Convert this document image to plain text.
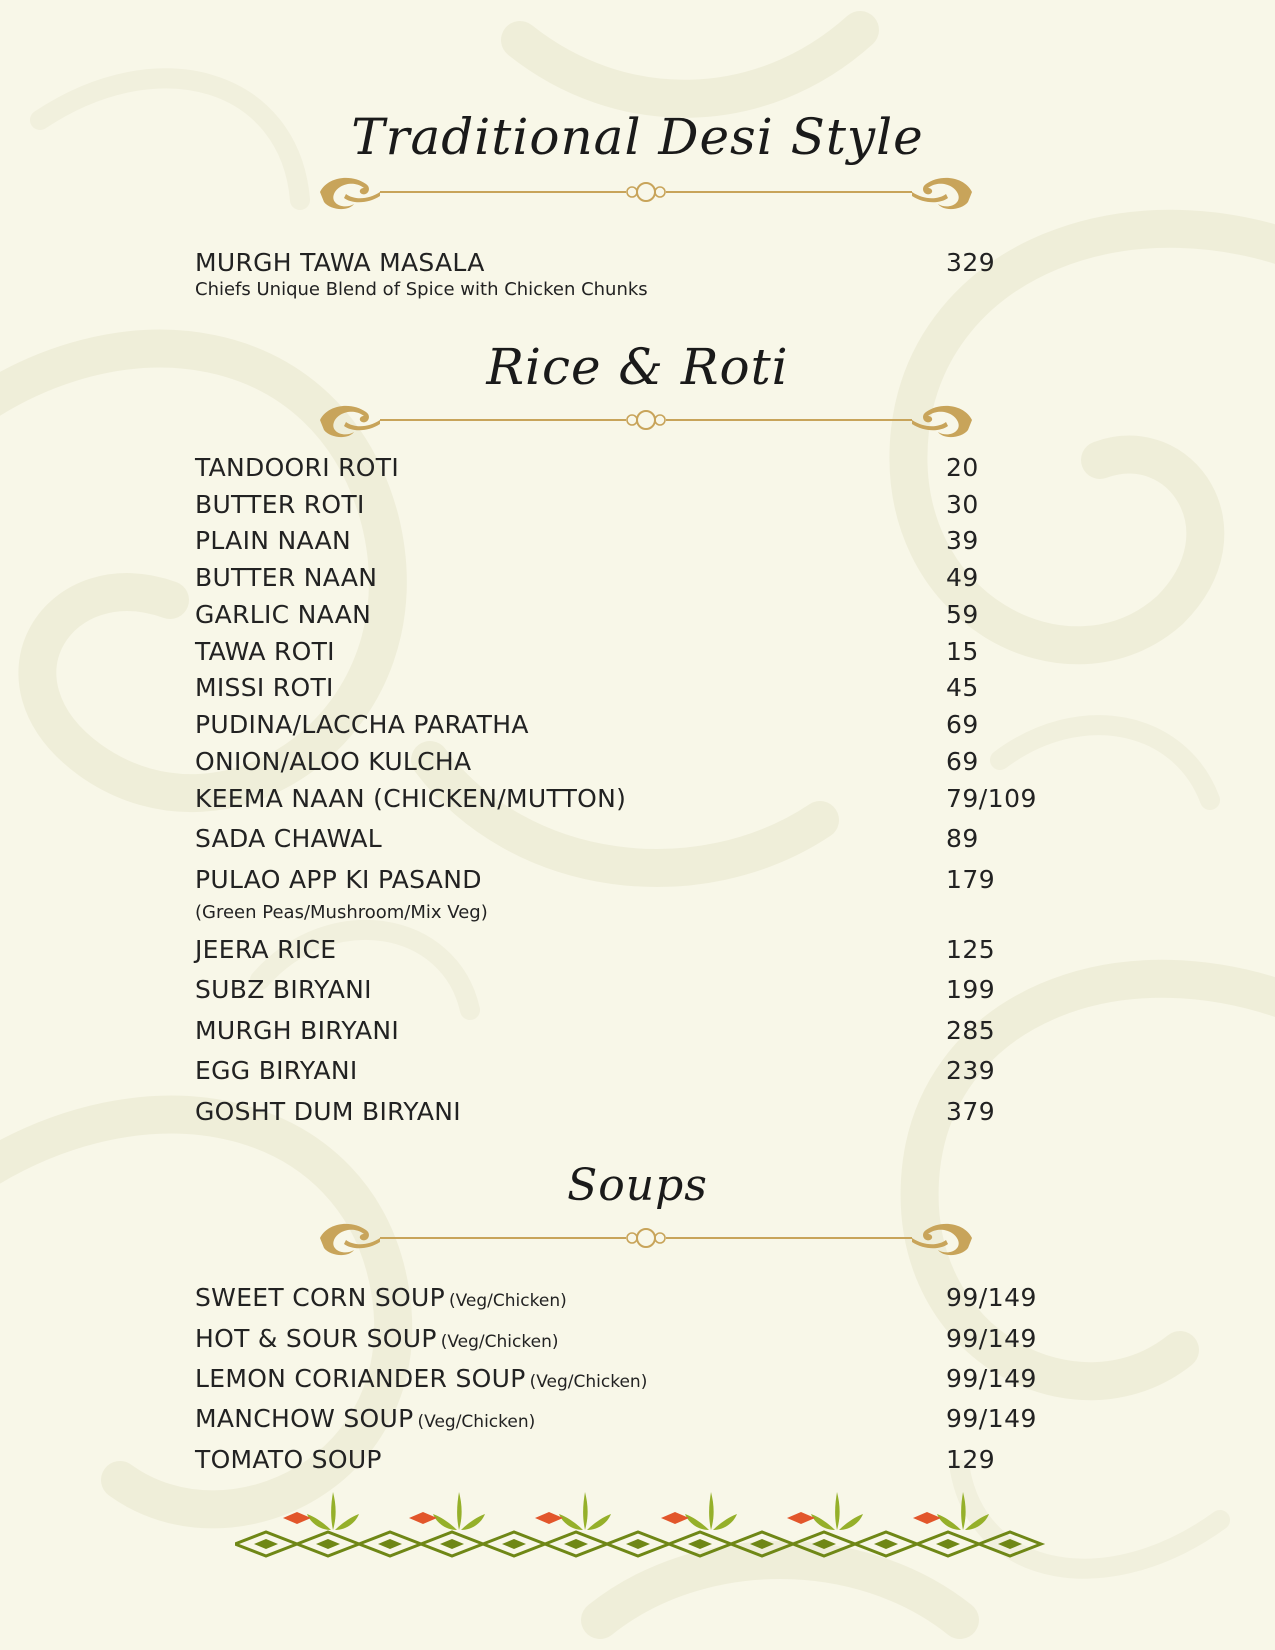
Traditional Desi Style
MURGH TAWA MASALA	329
Chiefs Unique Blend of Spice with Chicken Chunks
Rice & Roti
TANDOORI ROTI	20
BUTTER ROTI	30
PLAIN NAAN	39
BUTTER NAAN	49
GARLIC NAAN	59
TAWA ROTI	15
MISSI ROTI	45
PUDINA/LACCHA PARATHA	69
ONION/ALOO KULCHA	69
KEEMA NAAN (CHICKEN/MUTTON)	79/109
SADA CHAWAL	89
PULAO APP KI PASAND	179
(Green Peas/Mushroom/Mix Veg)
JEERA RICE	125
SUBZ BIRYANI	199
MURGH BIRYANI	285
EGG BIRYANI	239
GOSHT DUM BIRYANI	379
Soups
SWEET CORN SOUP (Veg/Chicken)	99/149
HOT & SOUR SOUP (Veg/Chicken)	99/149
LEMON CORIANDER SOUP (Veg/Chicken)	99/149
MANCHOW SOUP (Veg/Chicken)	99/149
TOMATO SOUP	129
